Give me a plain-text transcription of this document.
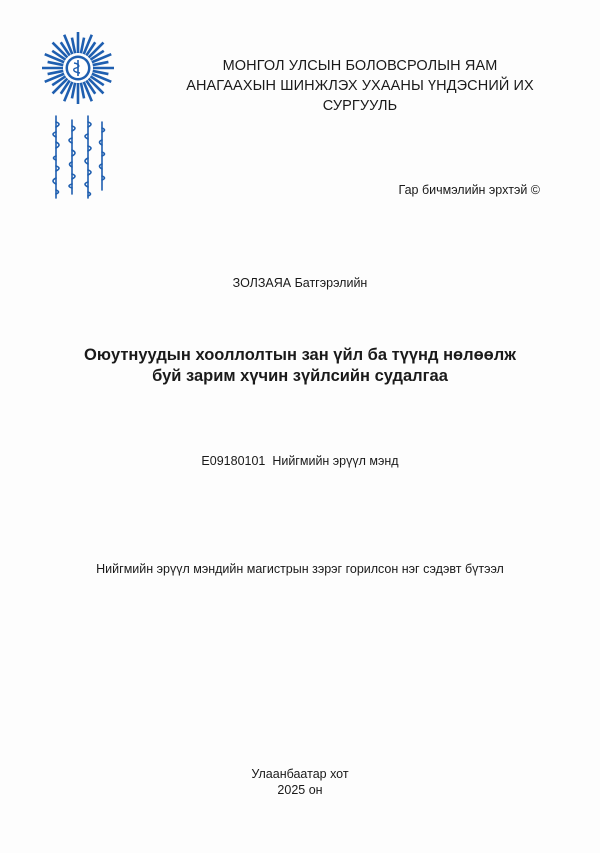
МОНГОЛ УЛСЫН БОЛОВСРОЛЫН ЯАМ
АНАГААХЫН ШИНЖЛЭХ УХААНЫ ҮНДЭСНИЙ ИХ СУРГУУЛЬ
Гар бичмэлийн эрхтэй ©
ЗОЛЗАЯА Батгэрэлийн
Оюутнуудын хооллолтын зан үйл ба түүнд нөлөөлж
буй зарим хүчин зүйлсийн судалгаа
E09180101  Нийгмийн эрүүл мэнд
Нийгмийн эрүүл мэндийн магистрын зэрэг горилсон нэг сэдэвт бүтээл
Улаанбаатар хот
2025 он
